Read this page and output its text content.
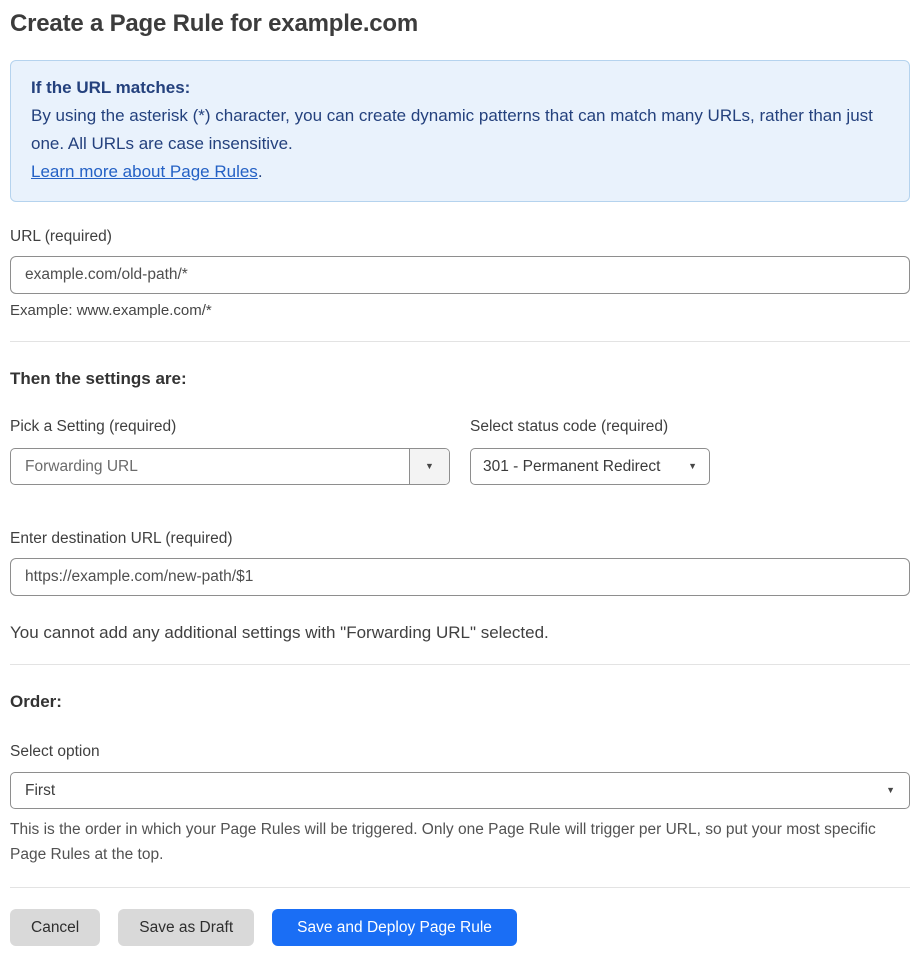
Create a Page Rule for example.com
If the URL matches:
By using the asterisk (*) character, you can create dynamic patterns that can match many URLs, rather than just one. All URLs are case insensitive.
Learn more about Page Rules.
URL (required)
example.com/old-path/*
Example: www.example.com/*
Then the settings are:
Pick a Setting (required)
Forwarding URL	▼
Select status code (required)
301 - Permanent Redirect	▼
Enter destination URL (required)
https://example.com/new-path/$1
You cannot add any additional settings with "Forwarding URL" selected.
Order:
Select option
First	▼
This is the order in which your Page Rules will be triggered. Only one Page Rule will trigger per URL, so put your most specific Page Rules at the top.
Cancel	Save as Draft	Save and Deploy Page Rule
